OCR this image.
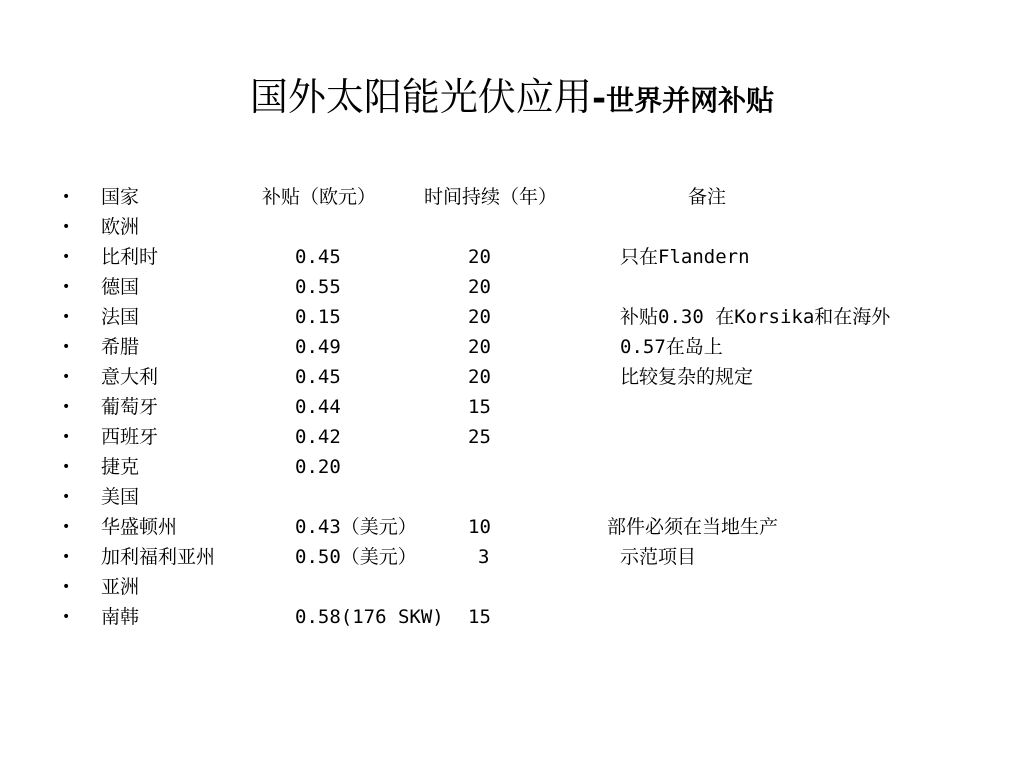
国外太阳能光伏应用-世界并网补贴
• 国家	补贴（欧元）	时间持续（年）	备注
• 欧洲
• 比利时	0.45	20	只在Flandern
• 德国	0.55	20
• 法国	0.15	20	补贴0.30 在Korsika和在海外
• 希腊	0.49	20	0.57在岛上
• 意大利	0.45	20	比较复杂的规定
• 葡萄牙	0.44	15
• 西班牙	0.42	25
• 捷克	0.20
• 美国
• 华盛顿州	0.43（美元）	10	部件必须在当地生产
• 加利福利亚州	0.50（美元）	3	示范项目
• 亚洲
• 南韩	0.58(176 SKW) 15
